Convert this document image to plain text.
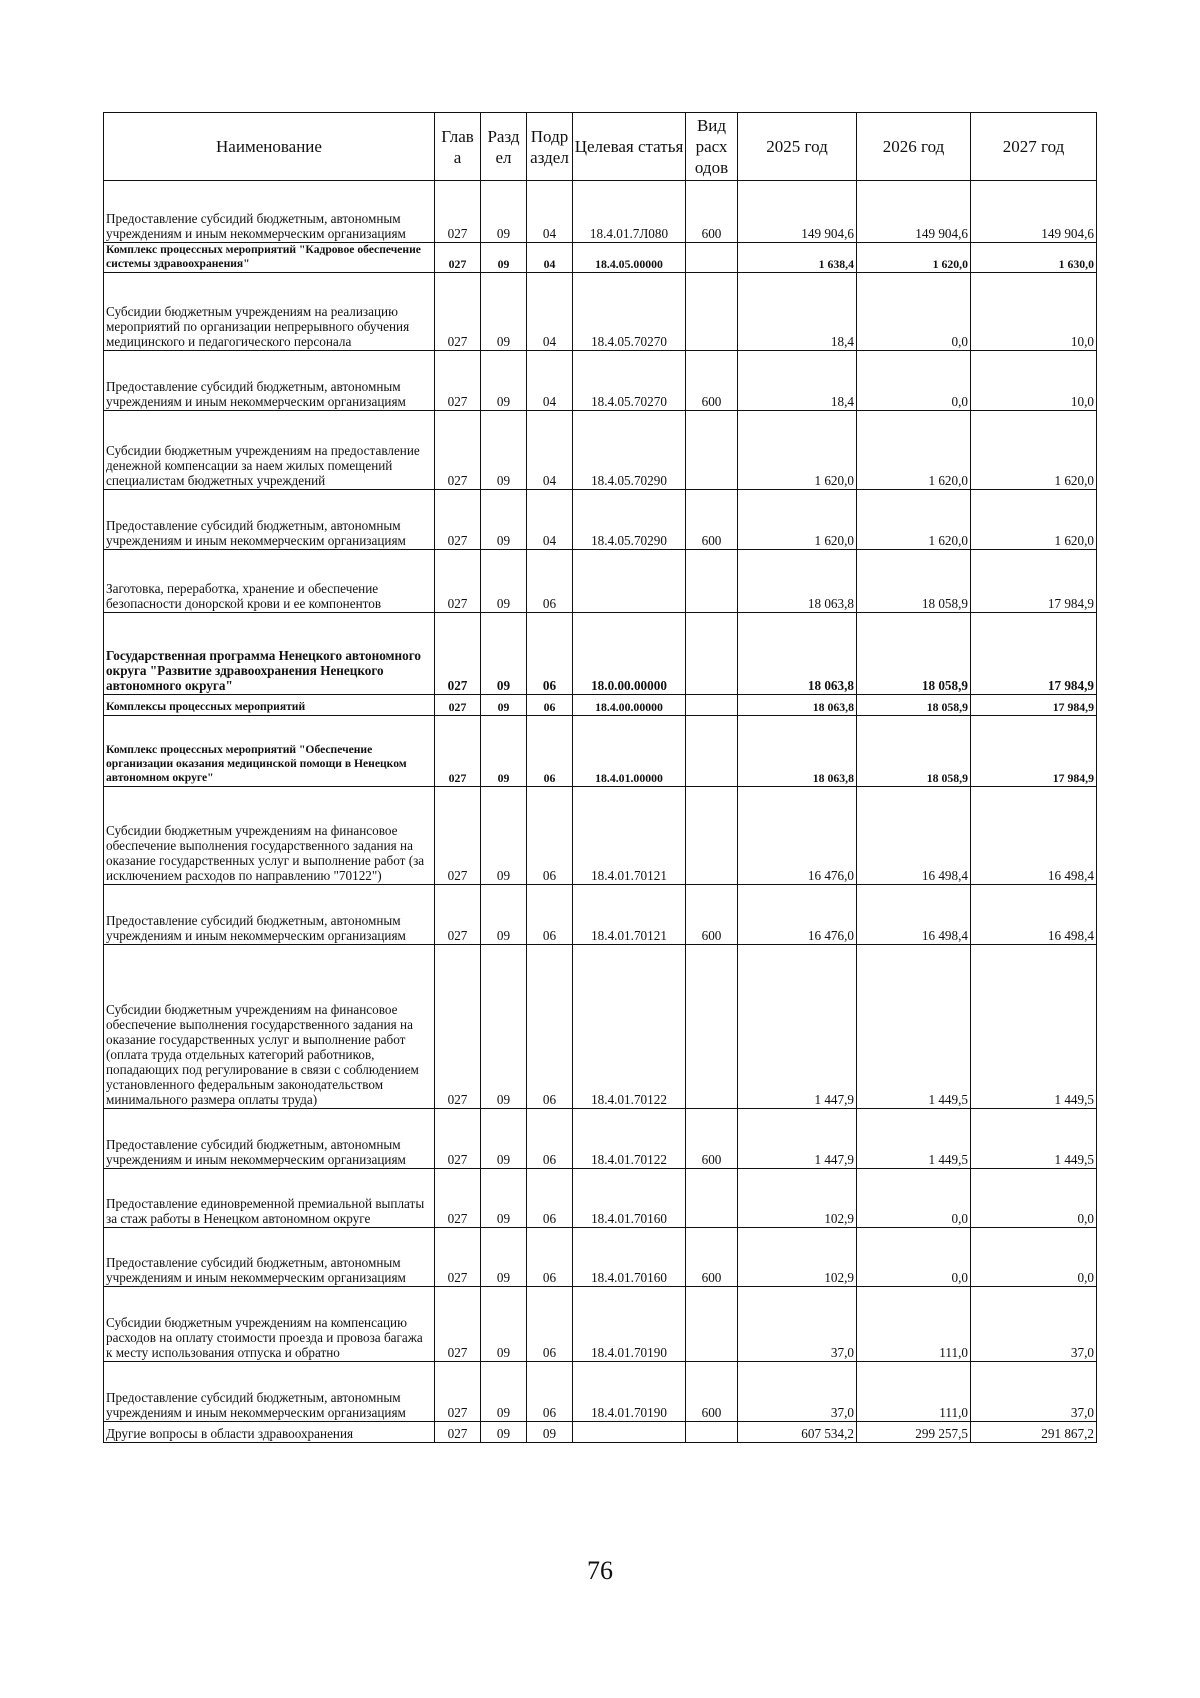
Наименование	Глав а	Разд ел	Подр аздел	Целевая статья	Вид расх одов	2025 год	2026 год	2027 год
Предоставление субсидий бюджетным, автономным учреждениям и иным некоммерческим организациям	027	09	04	18.4.01.7Л080	600	149 904,6	149 904,6	149 904,6
Комплекс процессных мероприятий "Кадровое обеспечение системы здравоохранения"	027	09	04	18.4.05.00000		1 638,4	1 620,0	1 630,0
Субсидии бюджетным учреждениям на реализацию мероприятий по организации непрерывного обучения медицинского и педагогического персонала	027	09	04	18.4.05.70270		18,4	0,0	10,0
Предоставление субсидий бюджетным, автономным учреждениям и иным некоммерческим организациям	027	09	04	18.4.05.70270	600	18,4	0,0	10,0
Субсидии бюджетным учреждениям на предоставление денежной компенсации за наем жилых помещений специалистам бюджетных учреждений	027	09	04	18.4.05.70290		1 620,0	1 620,0	1 620,0
Предоставление субсидий бюджетным, автономным учреждениям и иным некоммерческим организациям	027	09	04	18.4.05.70290	600	1 620,0	1 620,0	1 620,0
Заготовка, переработка, хранение и обеспечение безопасности донорской крови и ее компонентов	027	09	06			18 063,8	18 058,9	17 984,9
Государственная программа Ненецкого автономного округа "Развитие здравоохранения Ненецкого автономного округа"	027	09	06	18.0.00.00000		18 063,8	18 058,9	17 984,9
Комплексы процессных мероприятий	027	09	06	18.4.00.00000		18 063,8	18 058,9	17 984,9
Комплекс процессных мероприятий "Обеспечение организации оказания медицинской помощи в Ненецком автономном округе"	027	09	06	18.4.01.00000		18 063,8	18 058,9	17 984,9
Субсидии бюджетным учреждениям на финансовое обеспечение выполнения государственного задания на оказание государственных услуг и выполнение работ (за исключением расходов по направлению "70122")	027	09	06	18.4.01.70121		16 476,0	16 498,4	16 498,4
Предоставление субсидий бюджетным, автономным учреждениям и иным некоммерческим организациям	027	09	06	18.4.01.70121	600	16 476,0	16 498,4	16 498,4
Субсидии бюджетным учреждениям на финансовое обеспечение выполнения государственного задания на оказание государственных услуг и выполнение работ (оплата труда отдельных категорий работников, попадающих под регулирование в связи с соблюдением установленного федеральным законодательством минимального размера оплаты труда)	027	09	06	18.4.01.70122		1 447,9	1 449,5	1 449,5
Предоставление субсидий бюджетным, автономным учреждениям и иным некоммерческим организациям	027	09	06	18.4.01.70122	600	1 447,9	1 449,5	1 449,5
Предоставление единовременной премиальной выплаты за стаж работы в Ненецком автономном округе	027	09	06	18.4.01.70160		102,9	0,0	0,0
Предоставление субсидий бюджетным, автономным учреждениям и иным некоммерческим организациям	027	09	06	18.4.01.70160	600	102,9	0,0	0,0
Субсидии бюджетным учреждениям на компенсацию расходов на оплату стоимости проезда и провоза багажа к месту использования отпуска и обратно	027	09	06	18.4.01.70190		37,0	111,0	37,0
Предоставление субсидий бюджетным, автономным учреждениям и иным некоммерческим организациям	027	09	06	18.4.01.70190	600	37,0	111,0	37,0
Другие вопросы в области здравоохранения	027	09	09			607 534,2	299 257,5	291 867,2
76
